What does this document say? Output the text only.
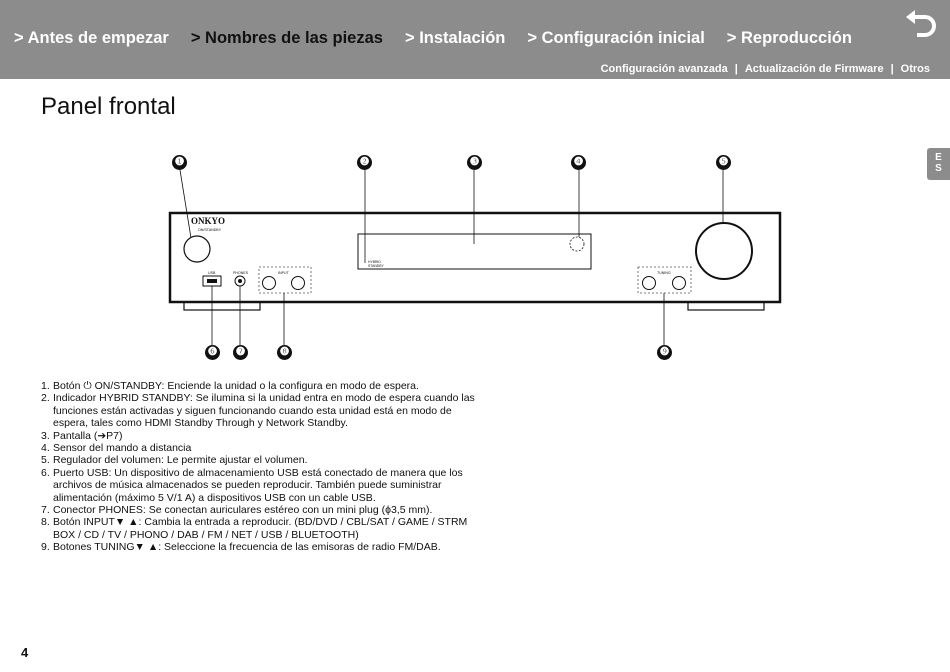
> Antes de empezar > Nombres de las piezas > Instalación > Configuración inicial > Reproducción
Configuración avanzada | Actualización de Firmware | Otros
E
S
Panel frontal
ONKYO
ON/STANDBY
USB	PHONES	INPUT	TUNING
HYBRID
STANDBY
❶	❷	❸	❹	❺
❻ ❼	❽	❾
1. Botón ⏻ ON/STANDBY: Enciende la unidad o la configura en modo de espera.
2. Indicador HYBRID STANDBY: Se ilumina si la unidad entra en modo de espera cuando las funciones están activadas y siguen funcionando cuando esta unidad está en modo de espera, tales como HDMI Standby Through y Network Standby.
3. Pantalla (➔P7)
4. Sensor del mando a distancia
5. Regulador del volumen: Le permite ajustar el volumen.
6. Puerto USB: Un dispositivo de almacenamiento USB está conectado de manera que los archivos de música almacenados se pueden reproducir. También puede suministrar alimentación (máximo 5 V/1 A) a dispositivos USB con un cable USB.
7. Conector PHONES: Se conectan auriculares estéreo con un mini plug (ϕ3,5 mm).
8. Botón INPUT▼ ▲: Cambia la entrada a reproducir. (BD/DVD / CBL/SAT / GAME / STRM BOX / CD / TV / PHONO / DAB / FM / NET / USB / BLUETOOTH)
9. Botones TUNING▼ ▲: Seleccione la frecuencia de las emisoras de radio FM/DAB.
4
